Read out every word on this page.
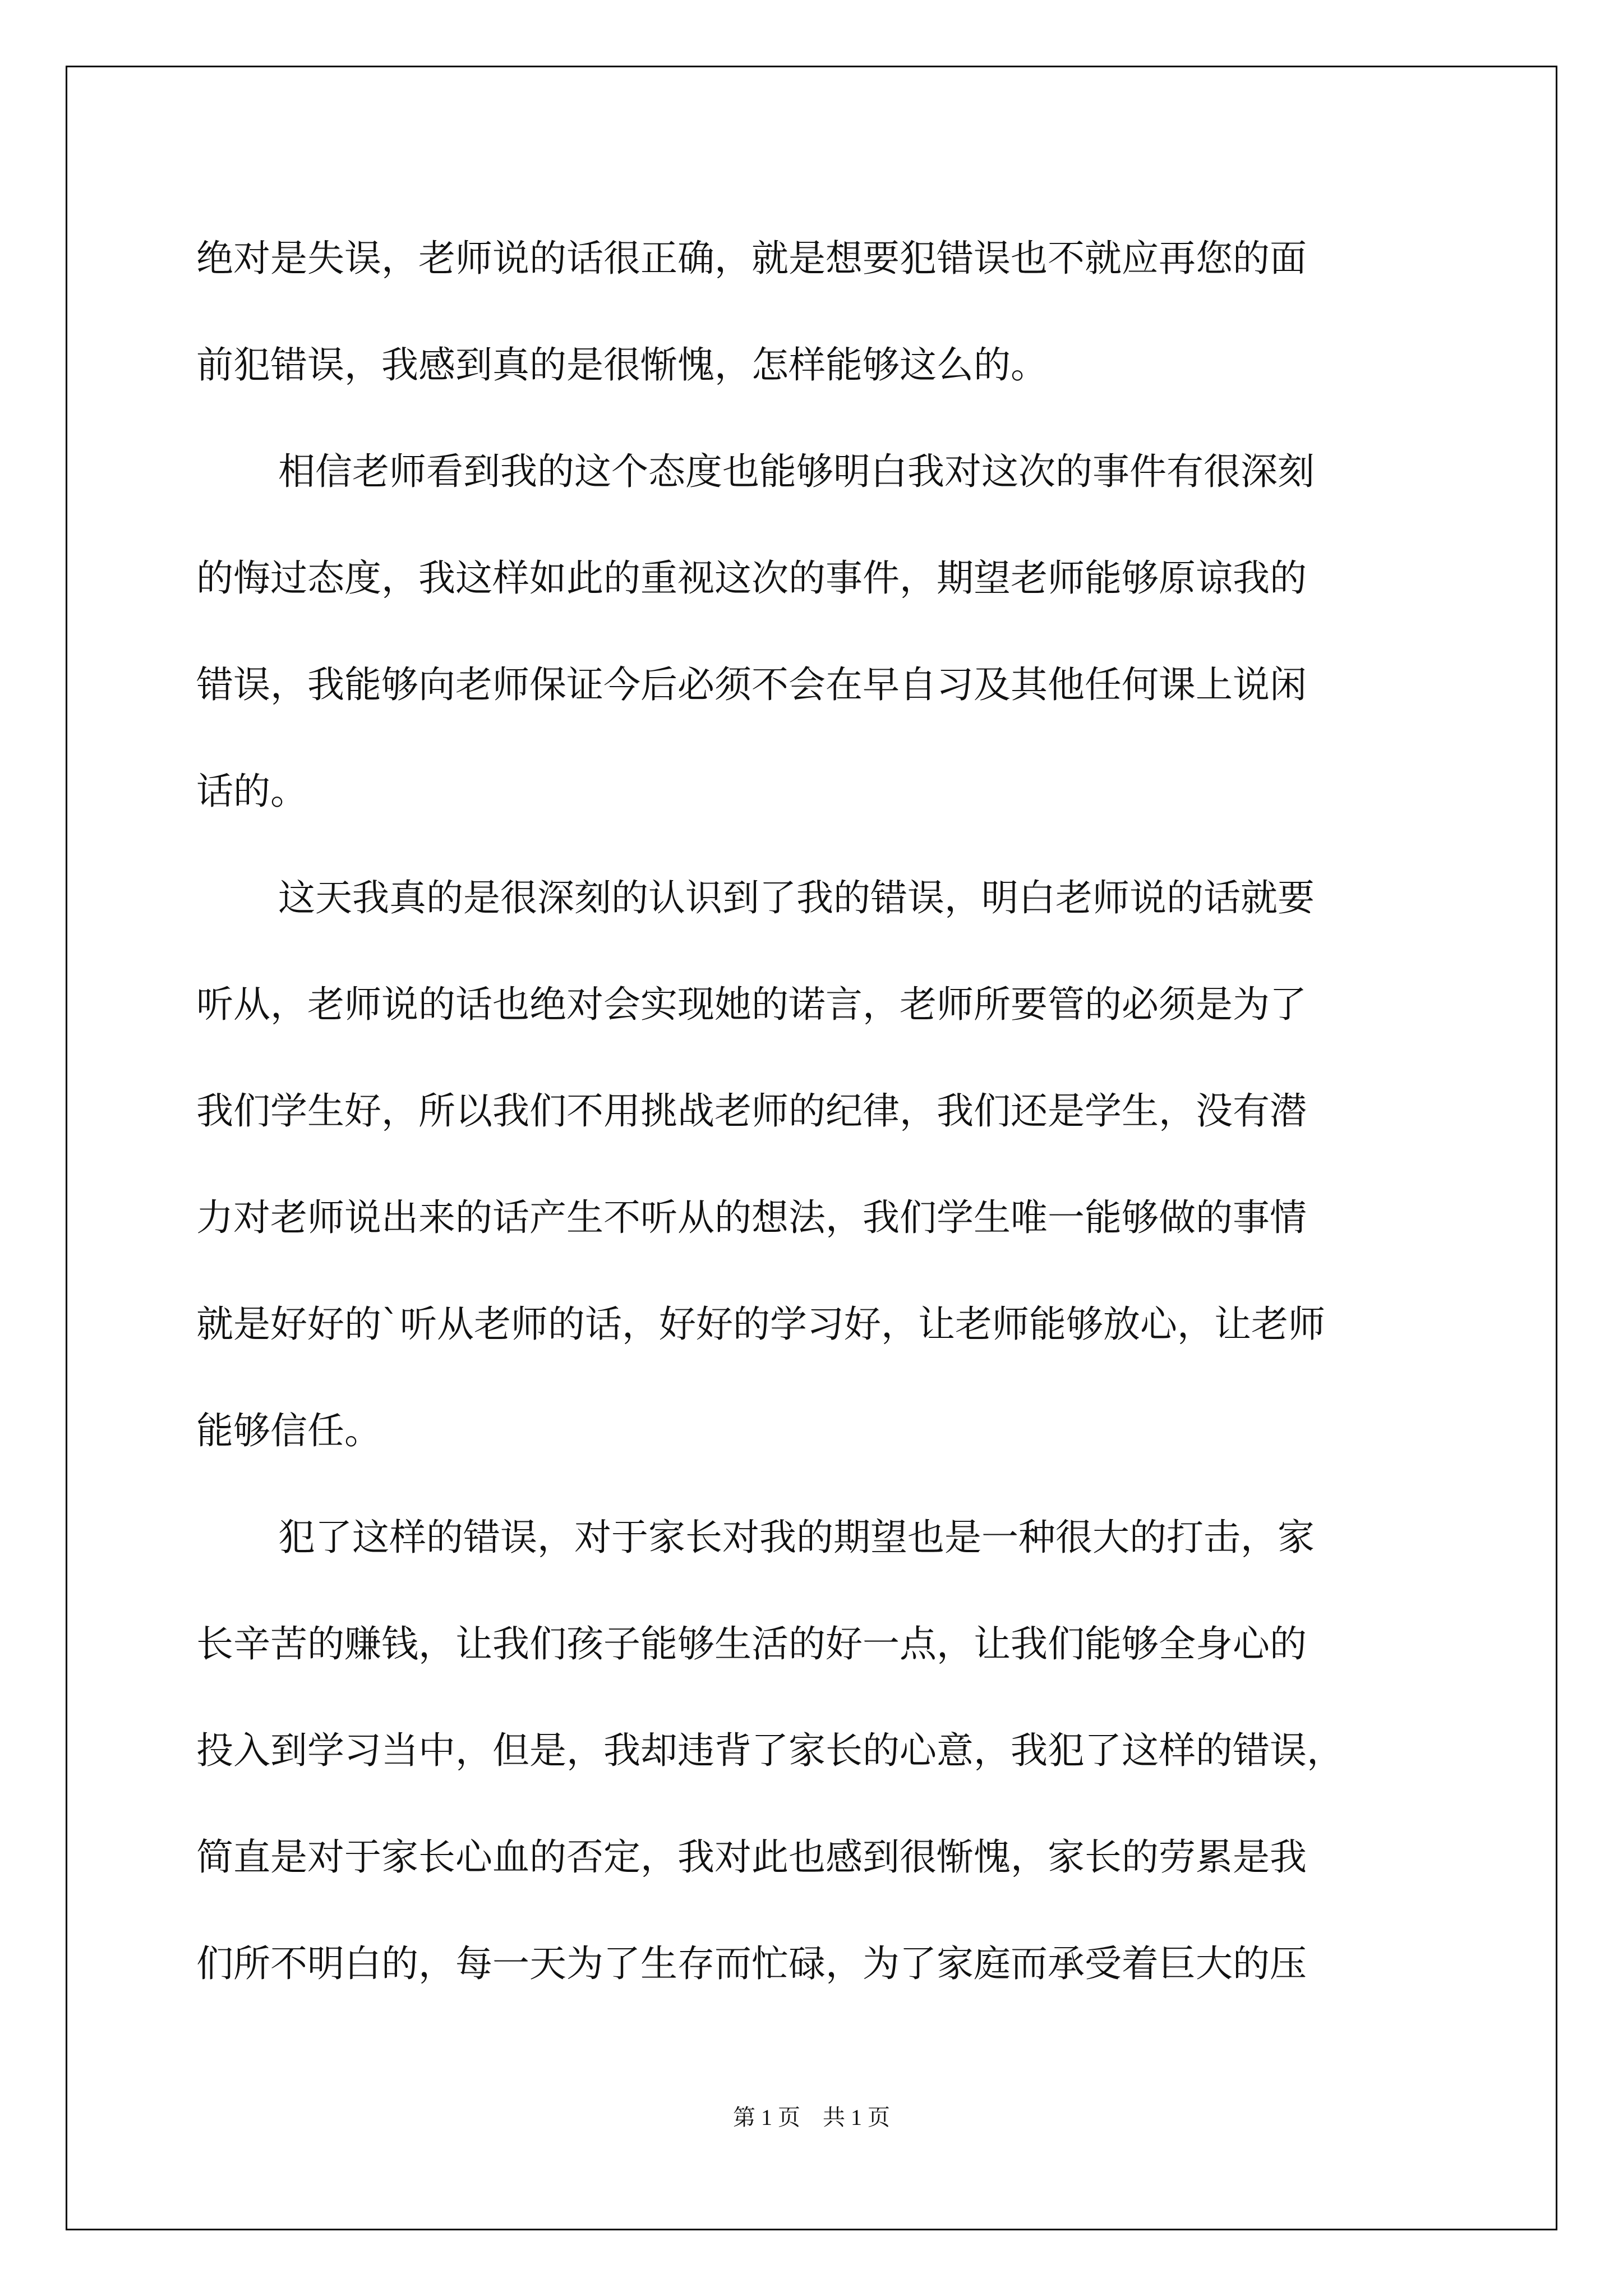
绝对是失误，老师说的话很正确，就是想要犯错误也不就应再您的面
前犯错误，我感到真的是很惭愧，怎样能够这么的。
相信老师看到我的这个态度也能够明白我对这次的事件有很深刻
的悔过态度，我这样如此的重视这次的事件，期望老师能够原谅我的
错误，我能够向老师保证今后必须不会在早自习及其他任何课上说闲
话的。
这天我真的是很深刻的认识到了我的错误，明白老师说的话就要
听从，老师说的话也绝对会实现她的诺言，老师所要管的必须是为了
我们学生好，所以我们不用挑战老师的纪律，我们还是学生，没有潜
力对老师说出来的话产生不听从的想法，我们学生唯一能够做的事情
就是好好的`听从老师的话，好好的学习好，让老师能够放心，让老师
能够信任。
犯了这样的错误，对于家长对我的期望也是一种很大的打击，家
长辛苦的赚钱，让我们孩子能够生活的好一点，让我们能够全身心的
投入到学习当中，但是，我却违背了家长的心意，我犯了这样的错误，
简直是对于家长心血的否定，我对此也感到很惭愧，家长的劳累是我
们所不明白的，每一天为了生存而忙碌，为了家庭而承受着巨大的压
第 1 页　共 1 页
